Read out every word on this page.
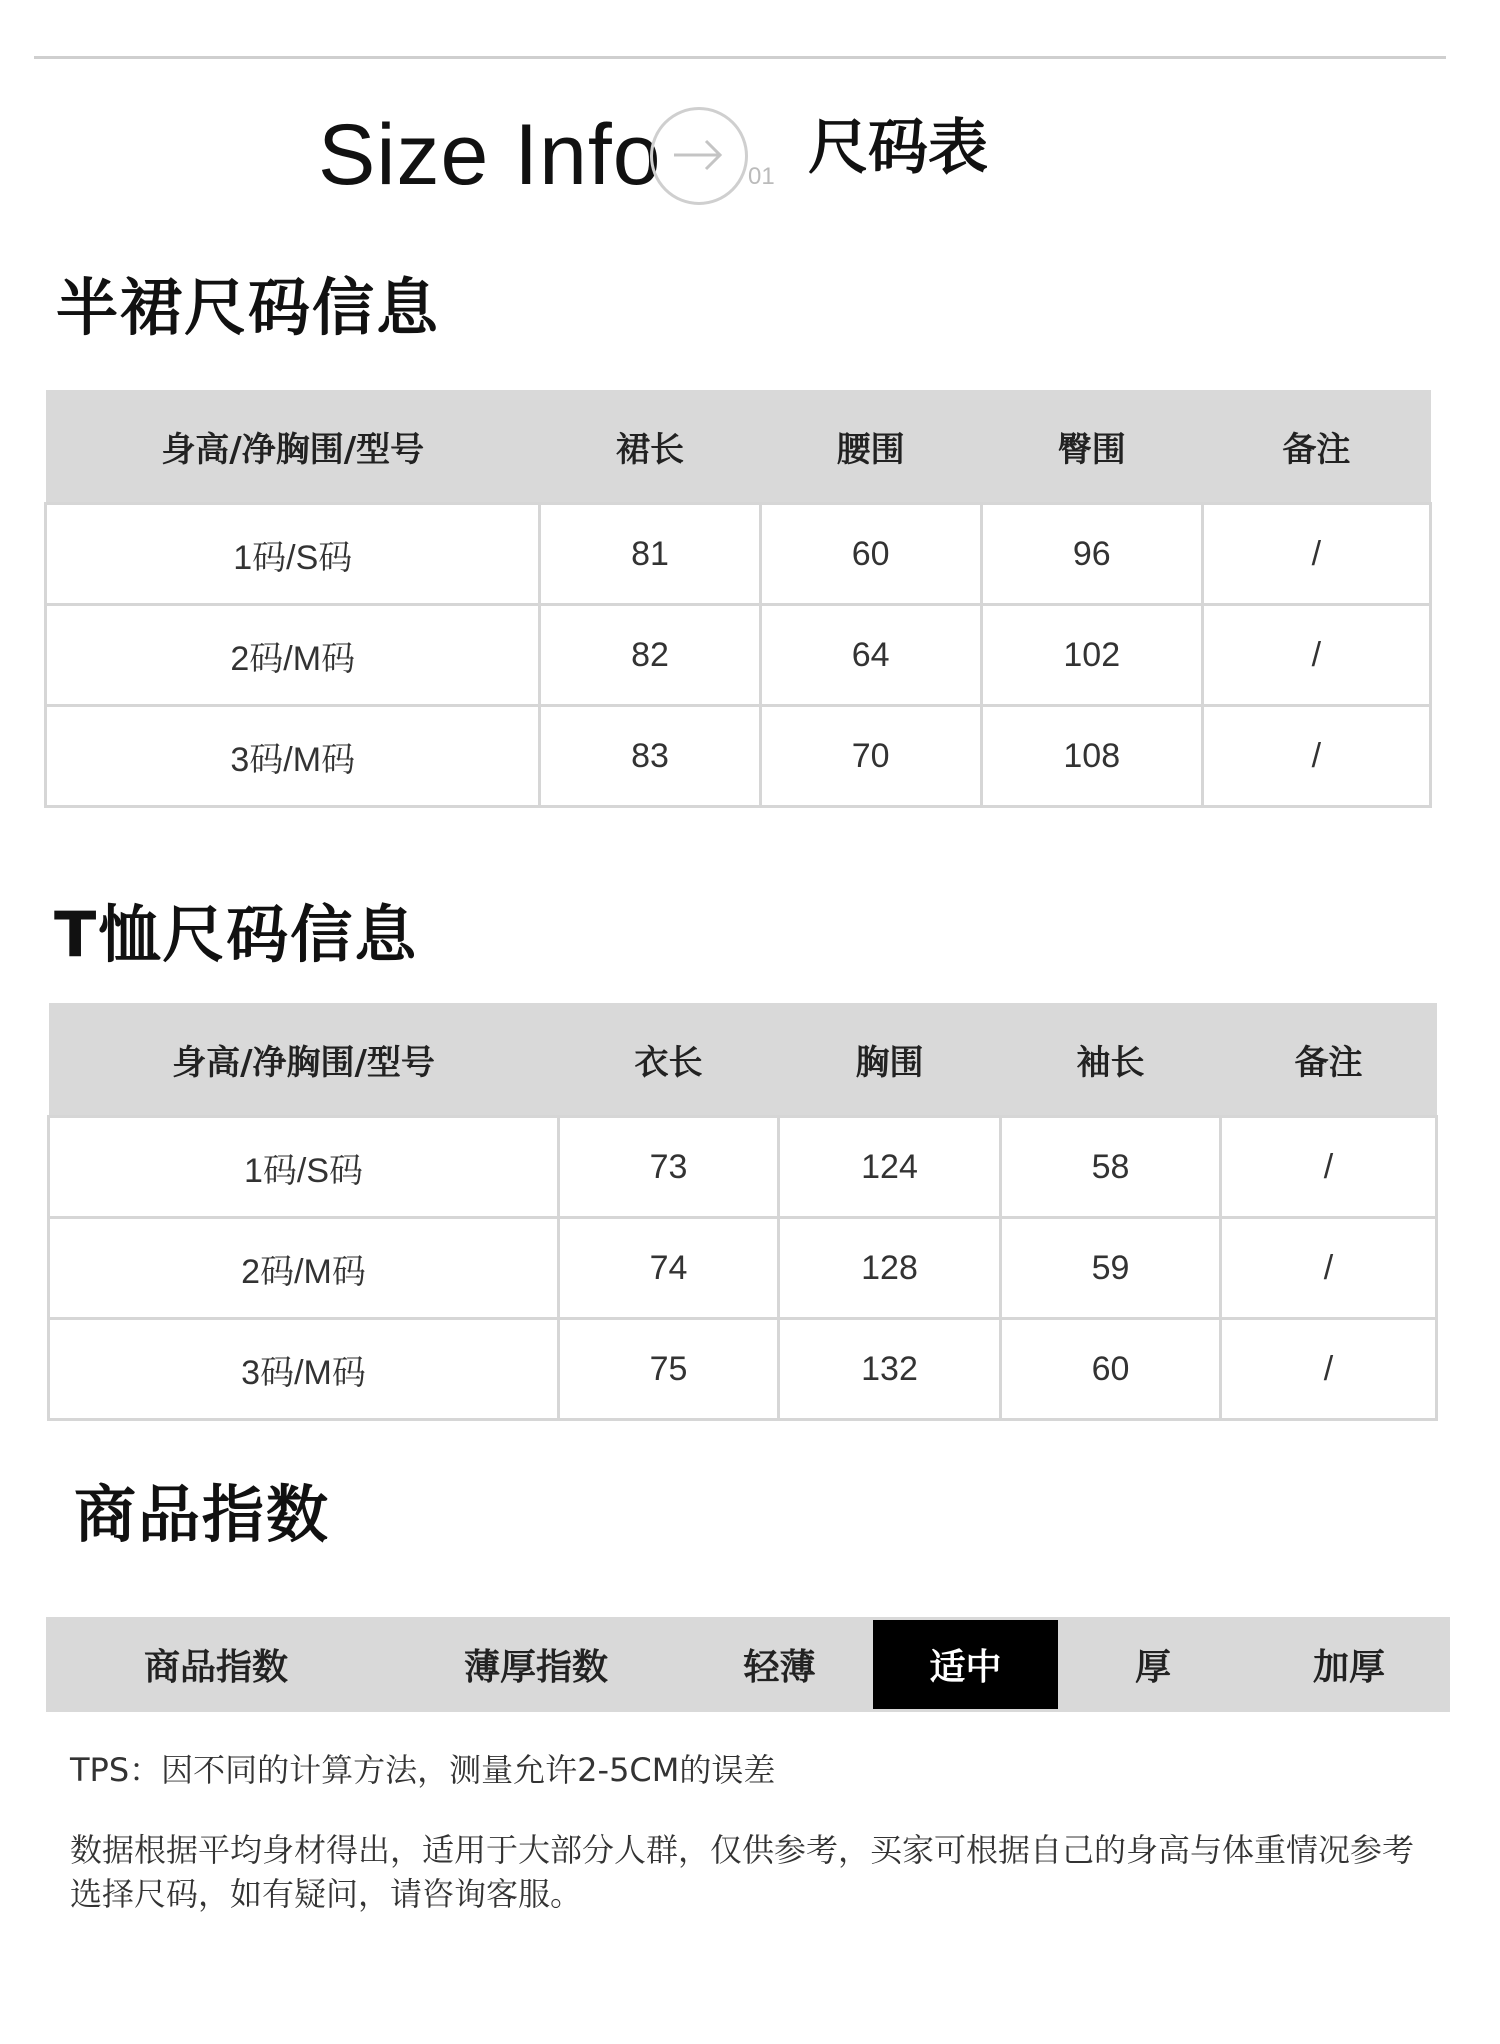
Size Info	01 尺码表
半裙尺码信息
身高/净胸围/型号	裙长	腰围	臀围	备注
1码/S码	81	60	96	/
2码/M码	82	64	102	/
3码/M码	83	70	108	/
T恤尺码信息
身高/净胸围/型号	衣长	胸围	袖长	备注
1码/S码	73	124	58	/
2码/M码	74	128	59	/
3码/M码	75	132	60	/
商品指数
商品指数	薄厚指数	轻薄	适中	厚	加厚
TPS：因不同的计算方法，测量允许2-5CM的误差
数据根据平均身材得出，适用于大部分人群，仅供参考，买家可根据自己的身高与体重情况参考选择尺码，如有疑问，请咨询客服。
